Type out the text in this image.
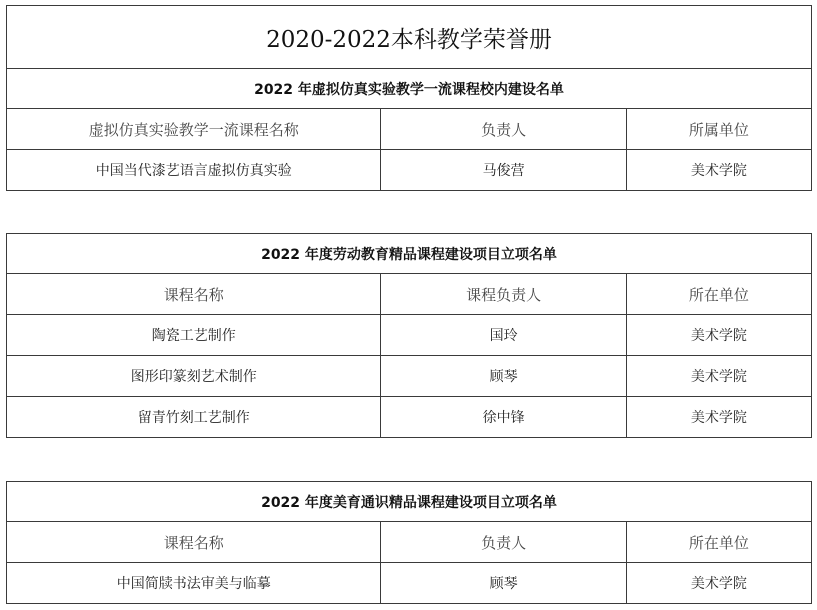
2020-2022本科教学荣誉册		
2022 年虚拟仿真实验教学一流课程校内建设名单		
虚拟仿真实验教学一流课程名称	负责人	所属单位
中国当代漆艺语言虚拟仿真实验	马俊营	美术学院
2022 年度劳动教育精品课程建设项目立项名单		
课程名称	课程负责人	所在单位
陶瓷工艺制作	国玲	美术学院
图形印篆刻艺术制作	顾琴	美术学院
留青竹刻工艺制作	徐中锋	美术学院
2022 年度美育通识精品课程建设项目立项名单		
课程名称	负责人	所在单位
中国简牍书法审美与临摹	顾琴	美术学院
